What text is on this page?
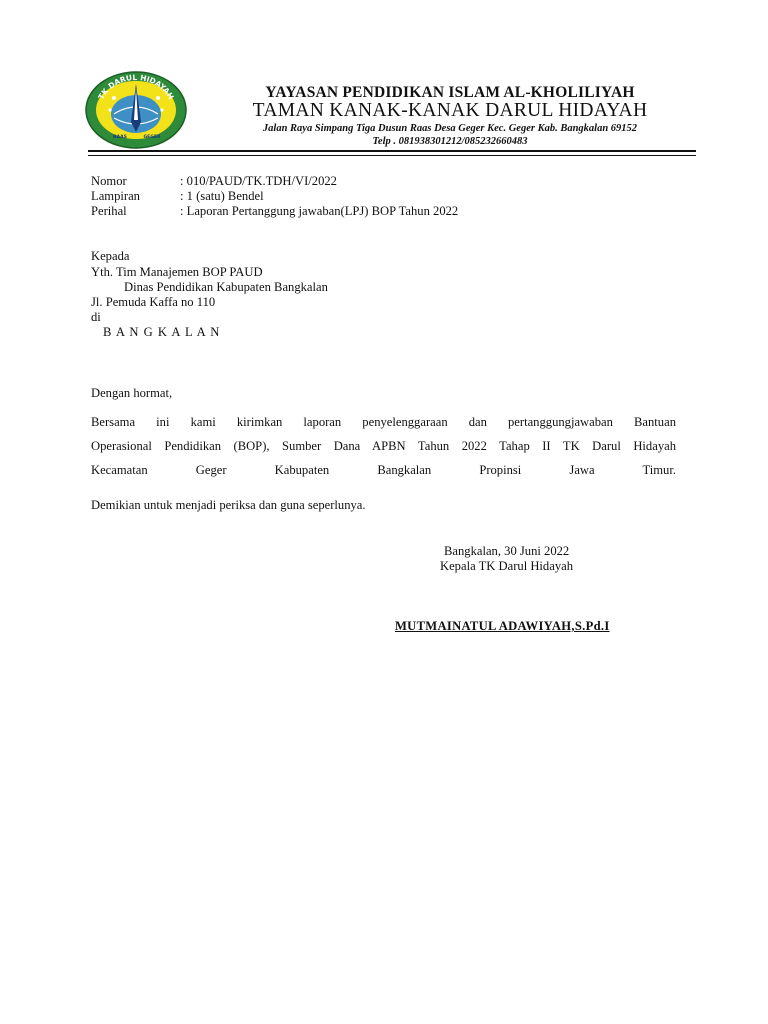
TK DARUL HIDAYAH
RAAS	GEGER
YAYASAN PENDIDIKAN ISLAM AL-KHOLILIYAH
TAMAN KANAK-KANAK DARUL HIDAYAH
Jalan Raya Simpang Tiga Dusun Raas Desa Geger Kec. Geger Kab. Bangkalan 69152
Telp . 081938301212/085232660483
Nomor	: 010/PAUD/TK.TDH/VI/2022
Lampiran	: 1 (satu) Bendel
Perihal	: Laporan Pertanggung jawaban(LPJ) BOP Tahun 2022
Kepada
Yth. Tim Manajemen BOP PAUD
Dinas Pendidikan Kabupaten Bangkalan
Jl. Pemuda Kaffa no 110
di
B A N G K A L A N
Dengan hormat,
Bersama ini kami kirimkan laporan penyelenggaraan dan pertanggungjawaban Bantuan
Operasional Pendidikan (BOP), Sumber Dana APBN Tahun 2022 Tahap II TK Darul Hidayah
Kecamatan Geger Kabupaten Bangkalan Propinsi Jawa Timur.
Demikian untuk menjadi periksa dan guna seperlunya.
Bangkalan, 30 Juni 2022
Kepala TK Darul Hidayah
MUTMAINATUL ADAWIYAH,S.Pd.I
